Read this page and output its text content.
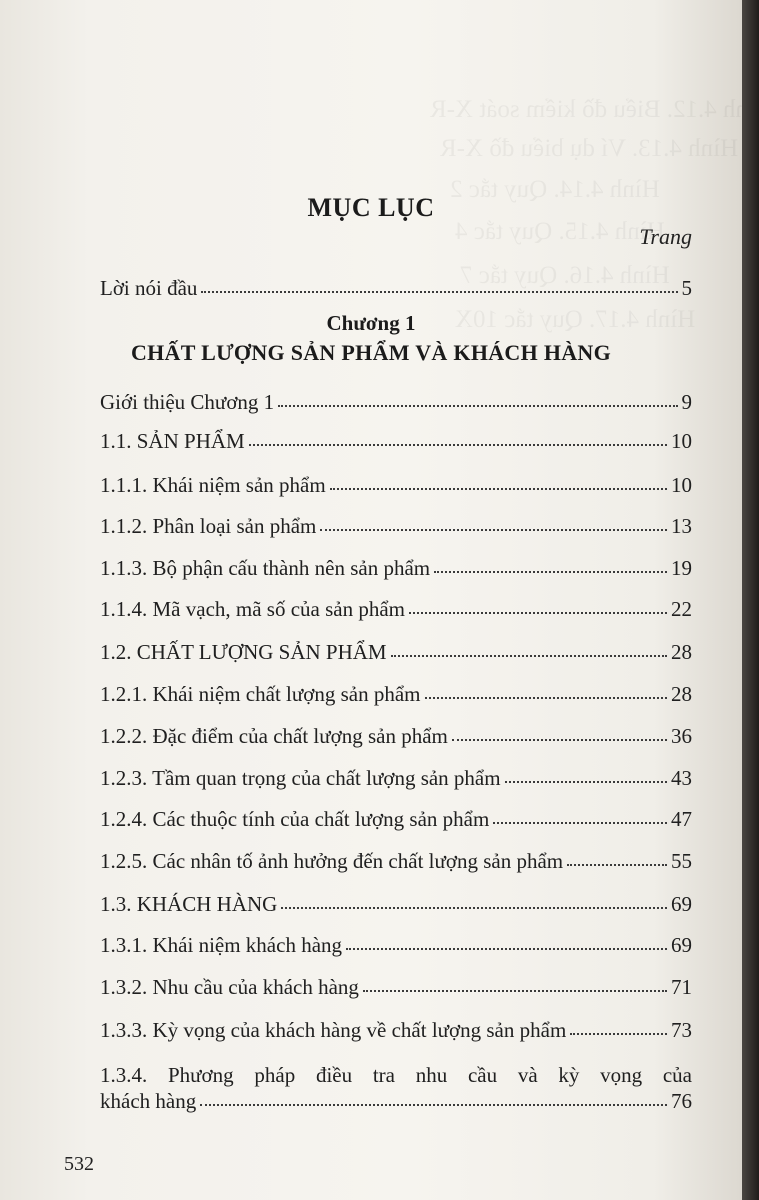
MỤC LỤC
Trang
Lời nói đầu	5
Chương 1
CHẤT LƯỢNG SẢN PHẨM VÀ KHÁCH HÀNG
Giới thiệu Chương 1	9
1.1. SẢN PHẨM	10
1.1.1. Khái niệm sản phẩm	10
1.1.2. Phân loại sản phẩm	13
1.1.3. Bộ phận cấu thành nên sản phẩm	19
1.1.4. Mã vạch, mã số của sản phẩm	22
1.2. CHẤT LƯỢNG SẢN PHẨM	28
1.2.1. Khái niệm chất lượng sản phẩm	28
1.2.2. Đặc điểm của chất lượng sản phẩm	36
1.2.3. Tầm quan trọng của chất lượng sản phẩm	43
1.2.4. Các thuộc tính của chất lượng sản phẩm	47
1.2.5. Các nhân tố ảnh hưởng đến chất lượng sản phẩm	55
1.3. KHÁCH HÀNG	69
1.3.1. Khái niệm khách hàng	69
1.3.2. Nhu cầu của khách hàng	71
1.3.3. Kỳ vọng của khách hàng về chất lượng sản phẩm	73
1.3.4. Phương pháp điều tra nhu cầu và kỳ vọng của
khách hàng	76
532
